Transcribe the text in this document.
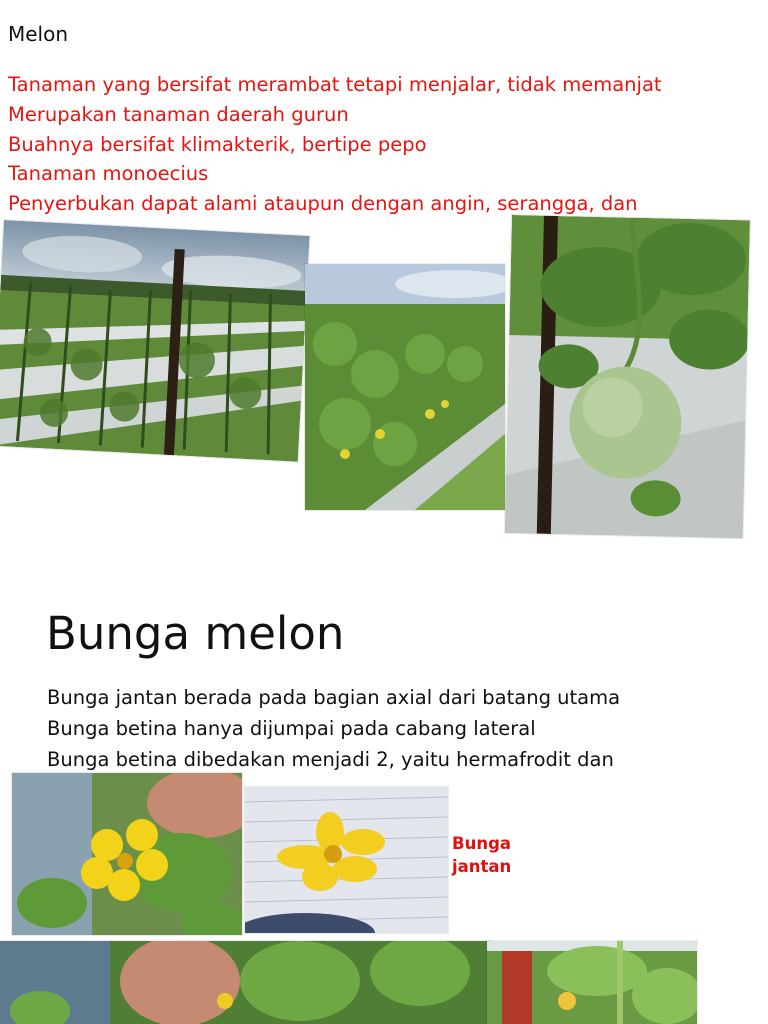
Melon
Tanaman yang bersifat merambat tetapi menjalar, tidak memanjat
Merupakan tanaman daerah gurun
Buahnya bersifat klimakterik, bertipe pepo
Tanaman monoecius
Penyerbukan dapat alami ataupun dengan angin, serangga, dan
Bunga melon
Bunga jantan berada pada bagian axial dari batang utama
Bunga betina hanya dijumpai pada cabang lateral
Bunga betina dibedakan menjadi 2, yaitu hermafrodit dan
Bunga
jantan
